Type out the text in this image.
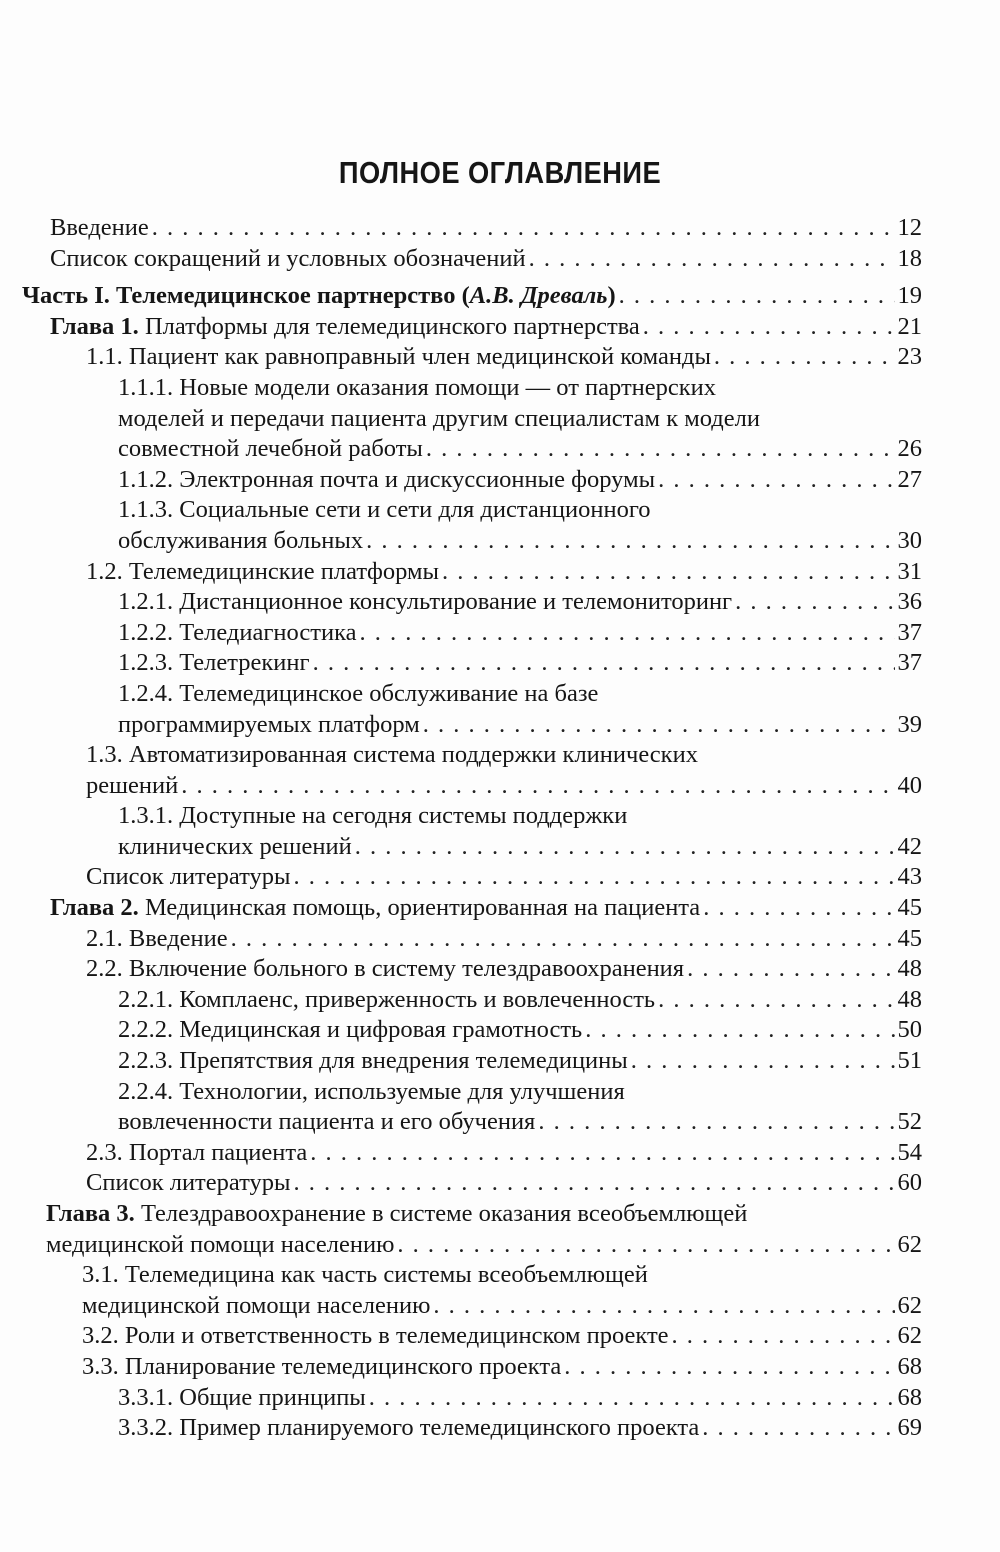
ПОЛНОЕ ОГЛАВЛЕНИЕ
Введение . . .	12
Список сокращений и условных обозначений . . .	18
Часть I. Телемедицинское партнерство (А.В. Древаль) . . .	19
Глава 1. Платформы для телемедицинского партнерства . . .	21
1.1. Пациент как равноправный член медицинской команды . . .	23
1.1.1. Новые модели оказания помощи — от партнерских
моделей и передачи пациента другим специалистам к модели
совместной лечебной работы . . .	26
1.1.2. Электронная почта и дискуссионные форумы . . .	27
1.1.3. Социальные сети и сети для дистанционного
обслуживания больных . . .	30
1.2. Телемедицинские платформы . . .	31
1.2.1. Дистанционное консультирование и телемониторинг . . .	36
1.2.2. Теледиагностика . . .	37
1.2.3. Телетрекинг . . .	37
1.2.4. Телемедицинское обслуживание на базе
программируемых платформ . . .	39
1.3. Автоматизированная система поддержки клинических
решений . . .	40
1.3.1. Доступные на сегодня системы поддержки
клинических решений . . .	42
Список литературы . . .	43
Глава 2. Медицинская помощь, ориентированная на пациента . . .	45
2.1. Введение . . .	45
2.2. Включение больного в систему телездравоохранения . . .	48
2.2.1. Комплаенс, приверженность и вовлеченность . . .	48
2.2.2. Медицинская и цифровая грамотность . . .	50
2.2.3. Препятствия для внедрения телемедицины . . .	51
2.2.4. Технологии, используемые для улучшения
вовлеченности пациента и его обучения . . .	52
2.3. Портал пациента . . .	54
Список литературы . . .	60
Глава 3. Телездравоохранение в системе оказания всеобъемлющей
медицинской помощи населению . . .	62
3.1. Телемедицина как часть системы всеобъемлющей
медицинской помощи населению . . .	62
3.2. Роли и ответственность в телемедицинском проекте . . .	62
3.3. Планирование телемедицинского проекта . . .	68
3.3.1. Общие принципы . . .	68
3.3.2. Пример планируемого телемедицинского проекта . . .	69
